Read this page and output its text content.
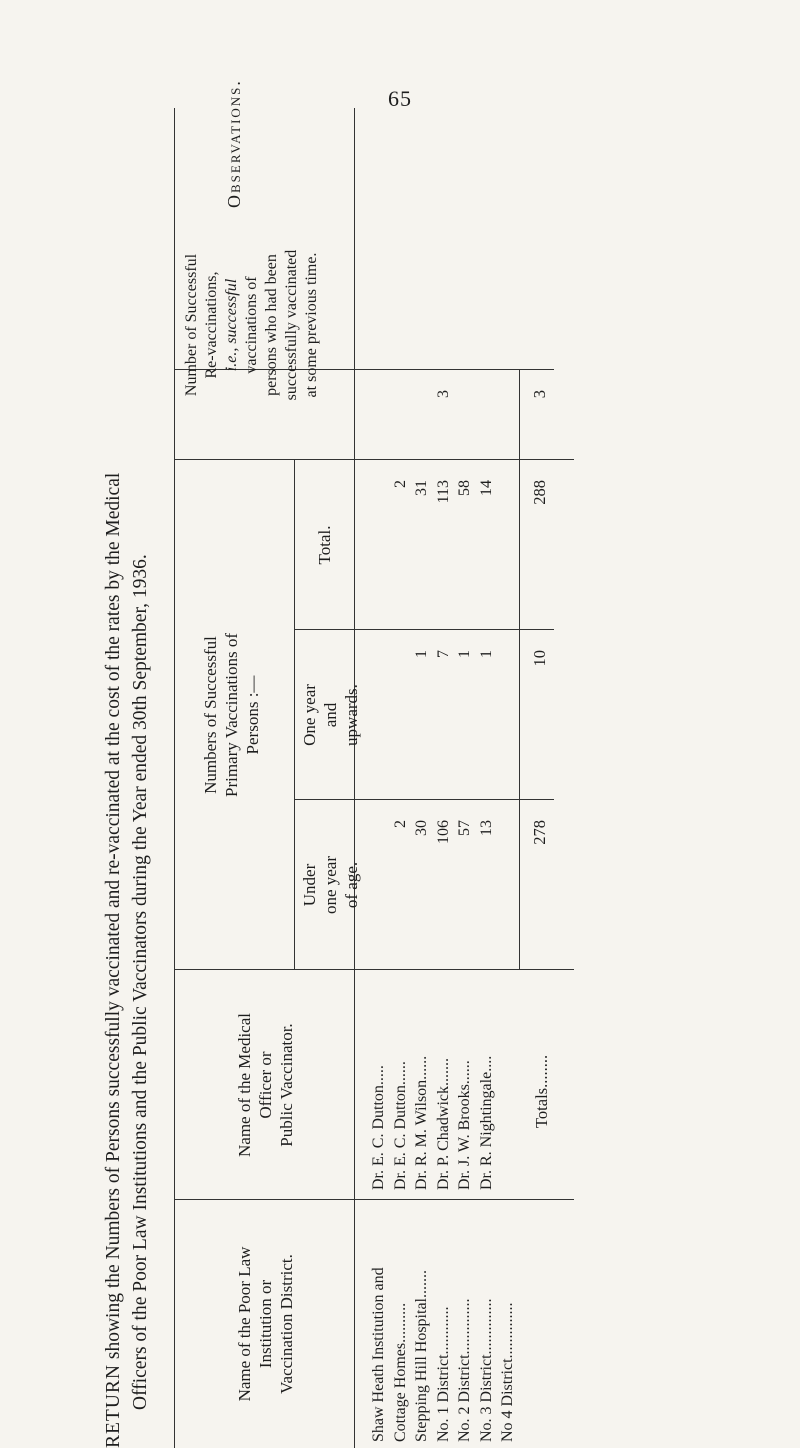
65
RETURN showing the Numbers of Persons successfully vaccinated and re-vaccinated at the cost of the rates by the Medical Officers of the Poor Law Institutions and the Public Vaccinators during the Year ended 30th September, 1936.	Name of the Poor Law Institution or Vaccination District.
Name of the Medical Officer or Public Vaccinator.
Numbers of Successful Primary Vaccinations of Persons :—
Under one year of age.
One year and upwards.
Total.
Number of Successful Re-vaccinations, i.e., successful vaccinations of persons who had been successfully vaccinated at some previous time.
Observations.
Shaw Heath Institution and Cottage Homes.......... Stepping Hill Hospital....... No. 1 District............ No. 2 District.............. No. 3 District.............. No 4 District..............
Dr. E. C. Dutton..... Dr. E. C. Dutton...... Dr. R. M. Wilson...... Dr. P. Chadwick....... Dr. J. W. Brooks...... Dr. R. Nightingale.... Totals........
2 30 106 57 13 278
1 7 1 1 10
2 31 113 58 14 288
3	3
